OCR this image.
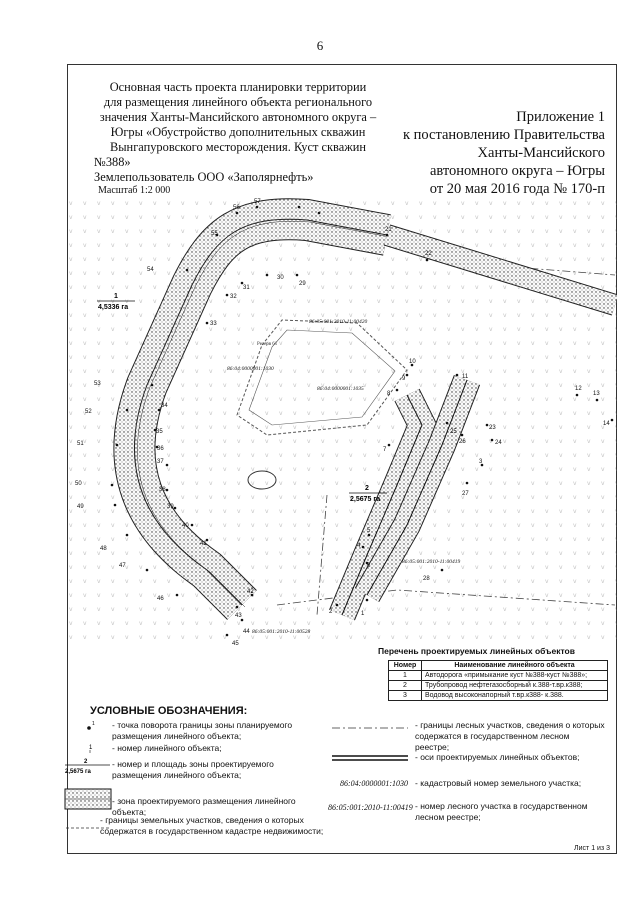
6
Основная часть проекта планировки территории
для размещения линейного объекта регионального
значения Ханты-Мансийского автономного округа –
Югры «Обустройство дополнительных скважин
Вынгапуровского месторождения. Куст скважин
№388»
Землепользователь ООО «Заполярнефть»
Приложение 1
к постановлению Правительства
Ханты-Мансийского
автономного округа – Югры
от 20 мая 2016 года № 170-п
Масштаб 1:2 000
Резерв 61
56
57
55
54
53
52
51
50
49
48
47
46
45
44
43
42
41
40
39
38
37
36
35
34
33
32
31
30
29
27
28
26
25
10
11
12
13
14
9
8
7
5
4
6
3
2	1
21
22
23
24
86:04:0000001:1030
86:04:0000001:1035
86:05:001:2010-11:00420
86:05:001:2010-11:00419
86:05:001:2010-11:00528
1
4,5336 га
2
2,5675 га
Перечень проектируемых линейных объектов
Номер	Наименование линейного объекта
1	Автодорога «примыкание куст №388-куст №388»;
2	Трубопровод нефтегазосборный к.388-т.вр.к388;
3	Водовод высоконапорный т.вр.к388- к.388.
УСЛОВНЫЕ ОБОЗНАЧЕНИЯ:
1 - точка поворота границы зоны планируемого размещения линейного объекта;
1 - номер линейного объекта;
2
2,5675 га
- номер и площадь зоны проектируемого размещения линейного объекта;
- зона проектируемого размещения линейного объекта;
- границы земельных участков, сведения о которых содержатся в государственном кадастре недвижимости;
- границы лесных участков, сведения о которых содержатся в государственном лесном реестре;
- оси проектируемых линейных объектов;
86:04:0000001:1030 - кадастровый номер земельного участка;
86:05:001:2010-11:00419 - номер лесного участка в государственном лесном реестре;
Лист 1 из 3
